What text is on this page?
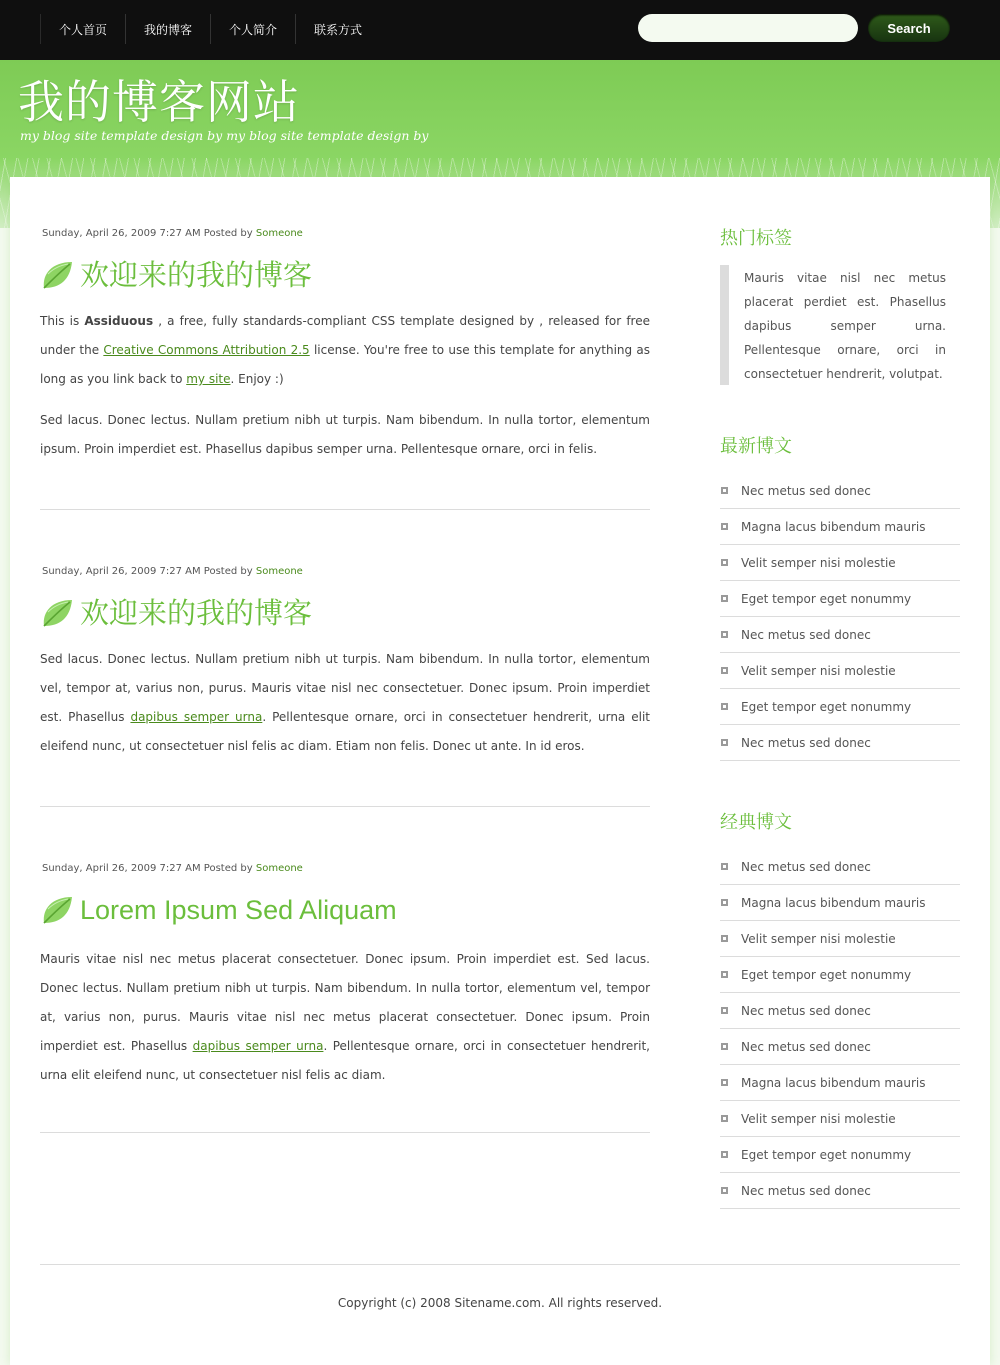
个人首页	我的博客	个人简介	联系方式	Search
我的博客网站
my blog site template design by my blog site template design by
Sunday, April 26, 2009 7:27 AM Posted by Someone
欢迎来的我的博客

This is Assiduous , a free, fully standards-compliant CSS template designed by , released for free under the Creative Commons Attribution 2.5 license. You're free to use this template for anything as long as you link back to my site. Enjoy :)

Sed lacus. Donec lectus. Nullam pretium nibh ut turpis. Nam bibendum. In nulla tortor, elementum ipsum. Proin imperdiet est. Phasellus dapibus semper urna. Pellentesque ornare, orci in felis.

Sunday, April 26, 2009 7:27 AM Posted by Someone
欢迎来的我的博客

Sed lacus. Donec lectus. Nullam pretium nibh ut turpis. Nam bibendum. In nulla tortor, elementum vel, tempor at, varius non, purus. Mauris vitae nisl nec consectetuer. Donec ipsum. Proin imperdiet est. Phasellus dapibus semper urna. Pellentesque ornare, orci in consectetuer hendrerit, urna elit eleifend nunc, ut consectetuer nisl felis ac diam. Etiam non felis. Donec ut ante. In id eros.

Sunday, April 26, 2009 7:27 AM Posted by Someone
Lorem Ipsum Sed Aliquam

Mauris vitae nisl nec metus placerat consectetuer. Donec ipsum. Proin imperdiet est. Sed lacus. Donec lectus. Nullam pretium nibh ut turpis. Nam bibendum. In nulla tortor, elementum vel, tempor at, varius non, purus. Mauris vitae nisl nec metus placerat consectetuer. Donec ipsum. Proin imperdiet est. Phasellus dapibus semper urna. Pellentesque ornare, orci in consectetuer hendrerit, urna elit eleifend nunc, ut consectetuer nisl felis ac diam.

热门标签
Mauris vitae nisl nec metus placerat perdiet est. Phasellus dapibus semper urna. Pellentesque ornare, orci in consectetuer hendrerit, volutpat.
最新博文
Nec metus sed donec
Magna lacus bibendum mauris
Velit semper nisi molestie
Eget tempor eget nonummy
Nec metus sed donec
Velit semper nisi molestie
Eget tempor eget nonummy
Nec metus sed donec
经典博文
Nec metus sed donec
Magna lacus bibendum mauris
Velit semper nisi molestie
Eget tempor eget nonummy
Nec metus sed donec
Nec metus sed donec
Magna lacus bibendum mauris
Velit semper nisi molestie
Eget tempor eget nonummy
Nec metus sed donec
Copyright (c) 2008 Sitename.com. All rights reserved.
